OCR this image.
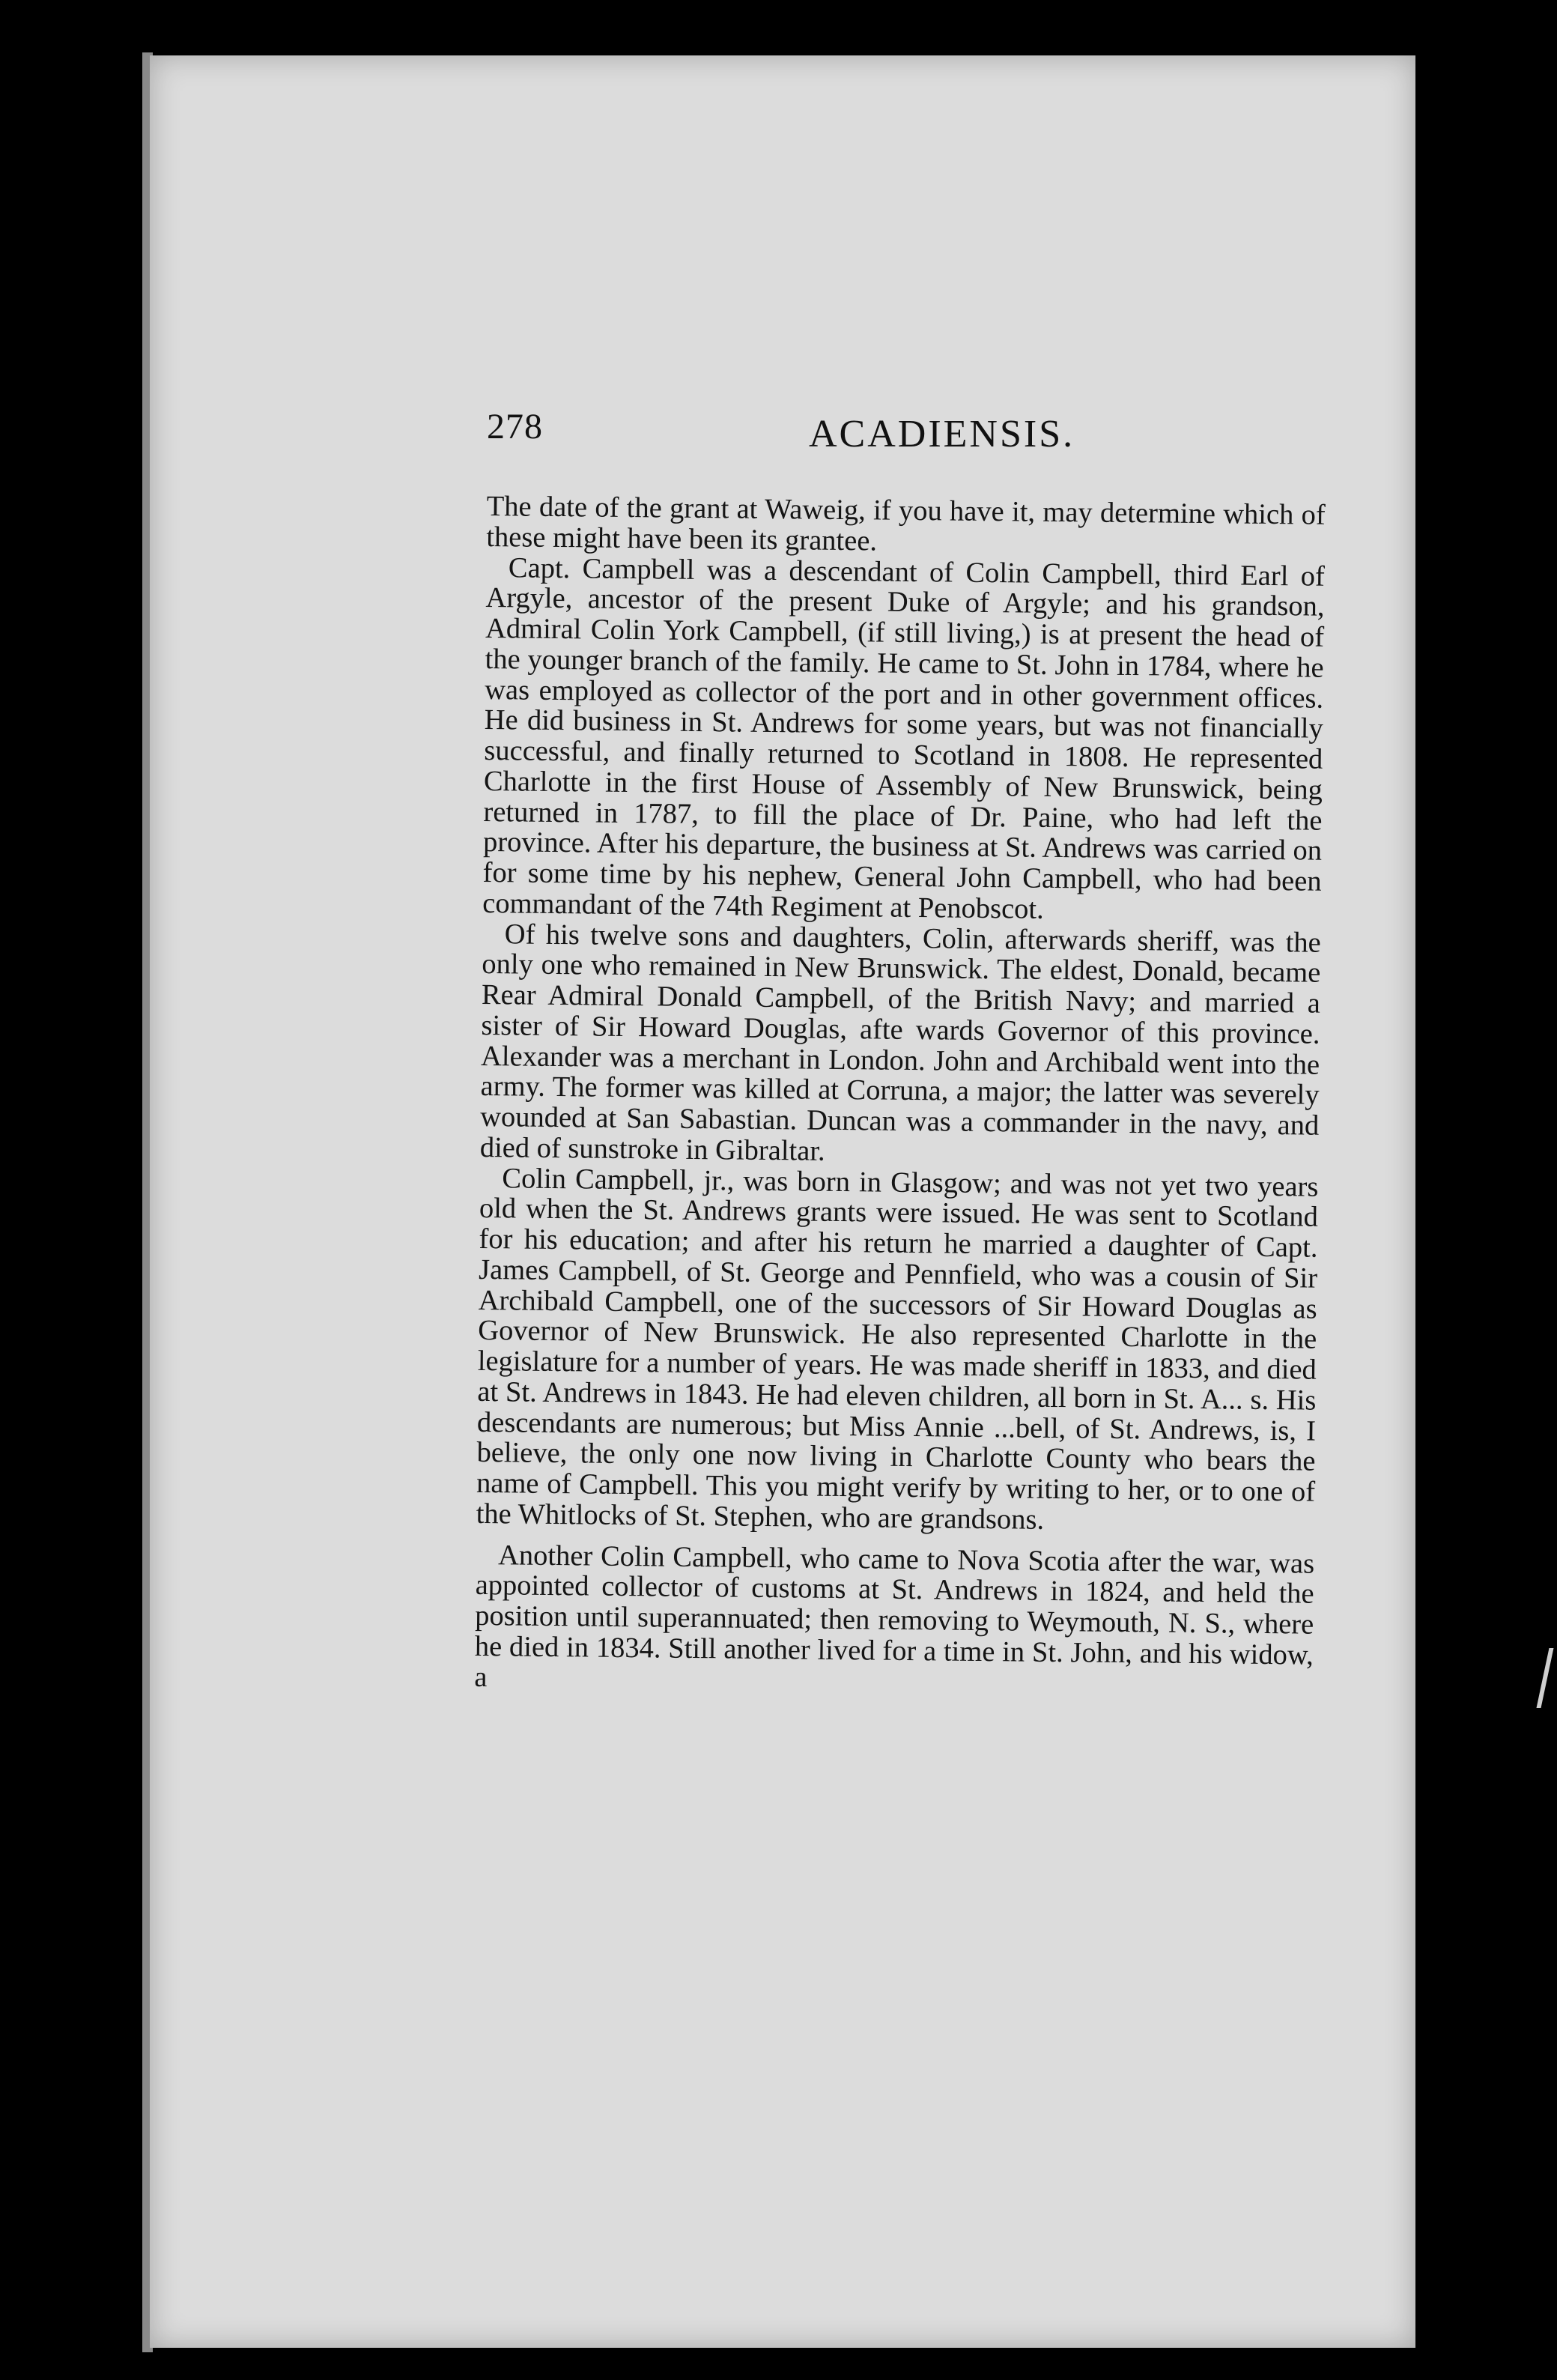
278	ACADIENSIS.

The date of the grant at Waweig, if you have it, may determine which of these might have been its grantee.

Capt. Campbell was a descendant of Colin Campbell, third Earl of Argyle, ancestor of the present Duke of Argyle; and his grandson, Admiral Colin York Campbell, (if still living,) is at present the head of the younger branch of the family. He came to St. John in 1784, where he was employed as collector of the port and in other government offices. He did business in St. Andrews for some years, but was not financially successful, and finally returned to Scotland in 1808. He represented Charlotte in the first House of Assembly of New Brunswick, being returned in 1787, to fill the place of Dr. Paine, who had left the province. After his departure, the business at St. Andrews was carried on for some time by his nephew, General John Campbell, who had been commandant of the 74th Regiment at Penobscot.

Of his twelve sons and daughters, Colin, afterwards sheriff, was the only one who remained in New Brunswick. The eldest, Donald, became Rear Admiral Donald Campbell, of the British Navy; and married a sister of Sir Howard Douglas, afte wards Governor of this province. Alexander was a merchant in London. John and Archibald went into the army. The former was killed at Corruna, a major; the latter was severely wounded at San Sabastian. Duncan was a commander in the navy, and died of sunstroke in Gibraltar.

Colin Campbell, jr., was born in Glasgow; and was not yet two years old when the St. Andrews grants were issued. He was sent to Scotland for his education; and after his return he married a daughter of Capt. James Campbell, of St. George and Pennfield, who was a cousin of Sir Archibald Campbell, one of the successors of Sir Howard Douglas as Governor of New Brunswick. He also represented Charlotte in the legislature for a number of years. He was made sheriff in 1833, and died at St. Andrews in 1843. He had eleven children, all born in St. A... s. His descendants are numerous; but Miss Annie ...bell, of St. Andrews, is, I believe, the only one now living in Charlotte County who bears the name of Campbell. This you might verify by writing to her, or to one of the Whitlocks of St. Stephen, who are grandsons.

Another Colin Campbell, who came to Nova Scotia after the war, was appointed collector of customs at St. Andrews in 1824, and held the position until superannuated; then removing to Weymouth, N. S., where he died in 1834. Still another lived for a time in St. John, and his widow, a
